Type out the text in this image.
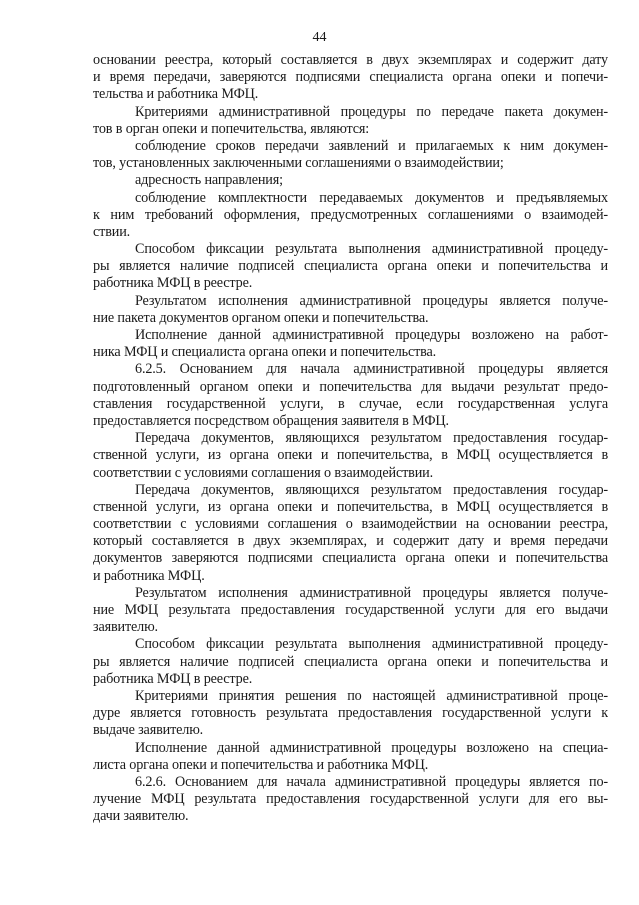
44
основании реестра, который составляется в двух экземплярах и содержит дату
и время передачи, заверяются подписями специалиста органа опеки и попечи-
тельства и работника МФЦ.
Критериями административной процедуры по передаче пакета докумен-
тов в орган опеки и попечительства, являются:
соблюдение сроков передачи заявлений и прилагаемых к ним докумен-
тов, установленных заключенными соглашениями о взаимодействии;
адресность направления;
соблюдение комплектности передаваемых документов и предъявляемых
к ним требований оформления, предусмотренных соглашениями о взаимодей-
ствии.
Способом фиксации результата выполнения административной процеду-
ры является наличие подписей специалиста органа опеки и попечительства и
работника МФЦ в реестре.
Результатом исполнения административной процедуры является получе-
ние пакета документов органом опеки и попечительства.
Исполнение данной административной процедуры возложено на работ-
ника МФЦ и специалиста органа опеки и попечительства.
6.2.5. Основанием для начала административной процедуры является
подготовленный органом опеки и попечительства для выдачи результат предо-
ставления государственной услуги, в случае, если государственная услуга
предоставляется посредством обращения заявителя в МФЦ.
Передача документов, являющихся результатом предоставления государ-
ственной услуги, из органа опеки и попечительства, в МФЦ осуществляется в
соответствии с условиями соглашения о взаимодействии.
Передача документов, являющихся результатом предоставления государ-
ственной услуги, из органа опеки и попечительства, в МФЦ осуществляется в
соответствии с условиями соглашения о взаимодействии на основании реестра,
который составляется в двух экземплярах, и содержит дату и время передачи
документов заверяются подписями специалиста органа опеки и попечительства
и работника МФЦ.
Результатом исполнения административной процедуры является получе-
ние МФЦ результата предоставления государственной услуги для его выдачи
заявителю.
Способом фиксации результата выполнения административной процеду-
ры является наличие подписей специалиста органа опеки и попечительства и
работника МФЦ в реестре.
Критериями принятия решения по настоящей административной проце-
дуре является готовность результата предоставления государственной услуги к
выдаче заявителю.
Исполнение данной административной процедуры возложено на специа-
листа органа опеки и попечительства и работника МФЦ.
6.2.6. Основанием для начала административной процедуры является по-
лучение МФЦ результата предоставления государственной услуги для его вы-
дачи заявителю.
